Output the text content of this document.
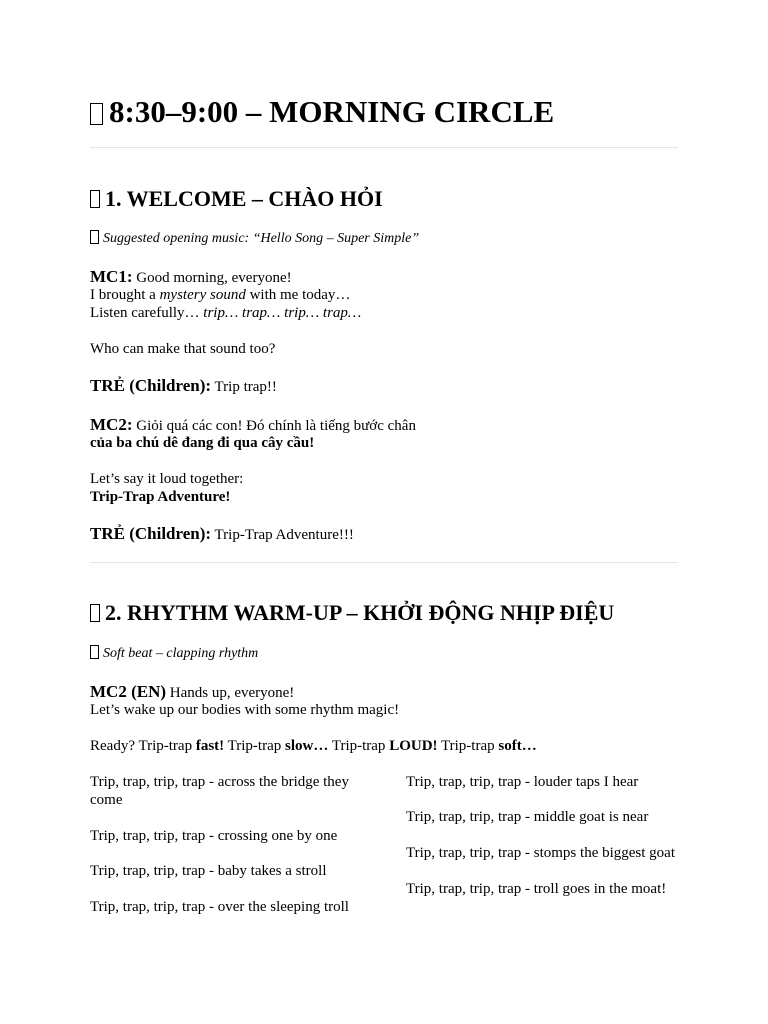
8:30–9:00 – MORNING CIRCLE
1. WELCOME – CHÀO HỎI
Suggested opening music: “Hello Song – Super Simple”
MC1: Good morning, everyone!
I brought a mystery sound with me today…
Listen carefully… trip… trap… trip… trap…
Who can make that sound too?
TRẺ (Children): Trip trap!!
MC2: Giỏi quá các con! Đó chính là tiếng bước chân
của ba chú dê đang đi qua cây cầu!
Let’s say it loud together:
Trip-Trap Adventure!
TRẺ (Children): Trip-Trap Adventure!!!
2. RHYTHM WARM-UP – KHỞI ĐỘNG NHỊP ĐIỆU
Soft beat – clapping rhythm
MC2 (EN) Hands up, everyone!
Let’s wake up our bodies with some rhythm magic!
Ready? Trip-trap fast! Trip-trap slow… Trip-trap LOUD! Trip-trap soft…
Trip, trap, trip, trap - across the bridge they come
Trip, trap, trip, trap - crossing one by one
Trip, trap, trip, trap - baby takes a stroll
Trip, trap, trip, trap - over the sleeping troll
Trip, trap, trip, trap - louder taps I hear
Trip, trap, trip, trap - middle goat is near
Trip, trap, trip, trap - stomps the biggest goat
Trip, trap, trip, trap - troll goes in the moat!
